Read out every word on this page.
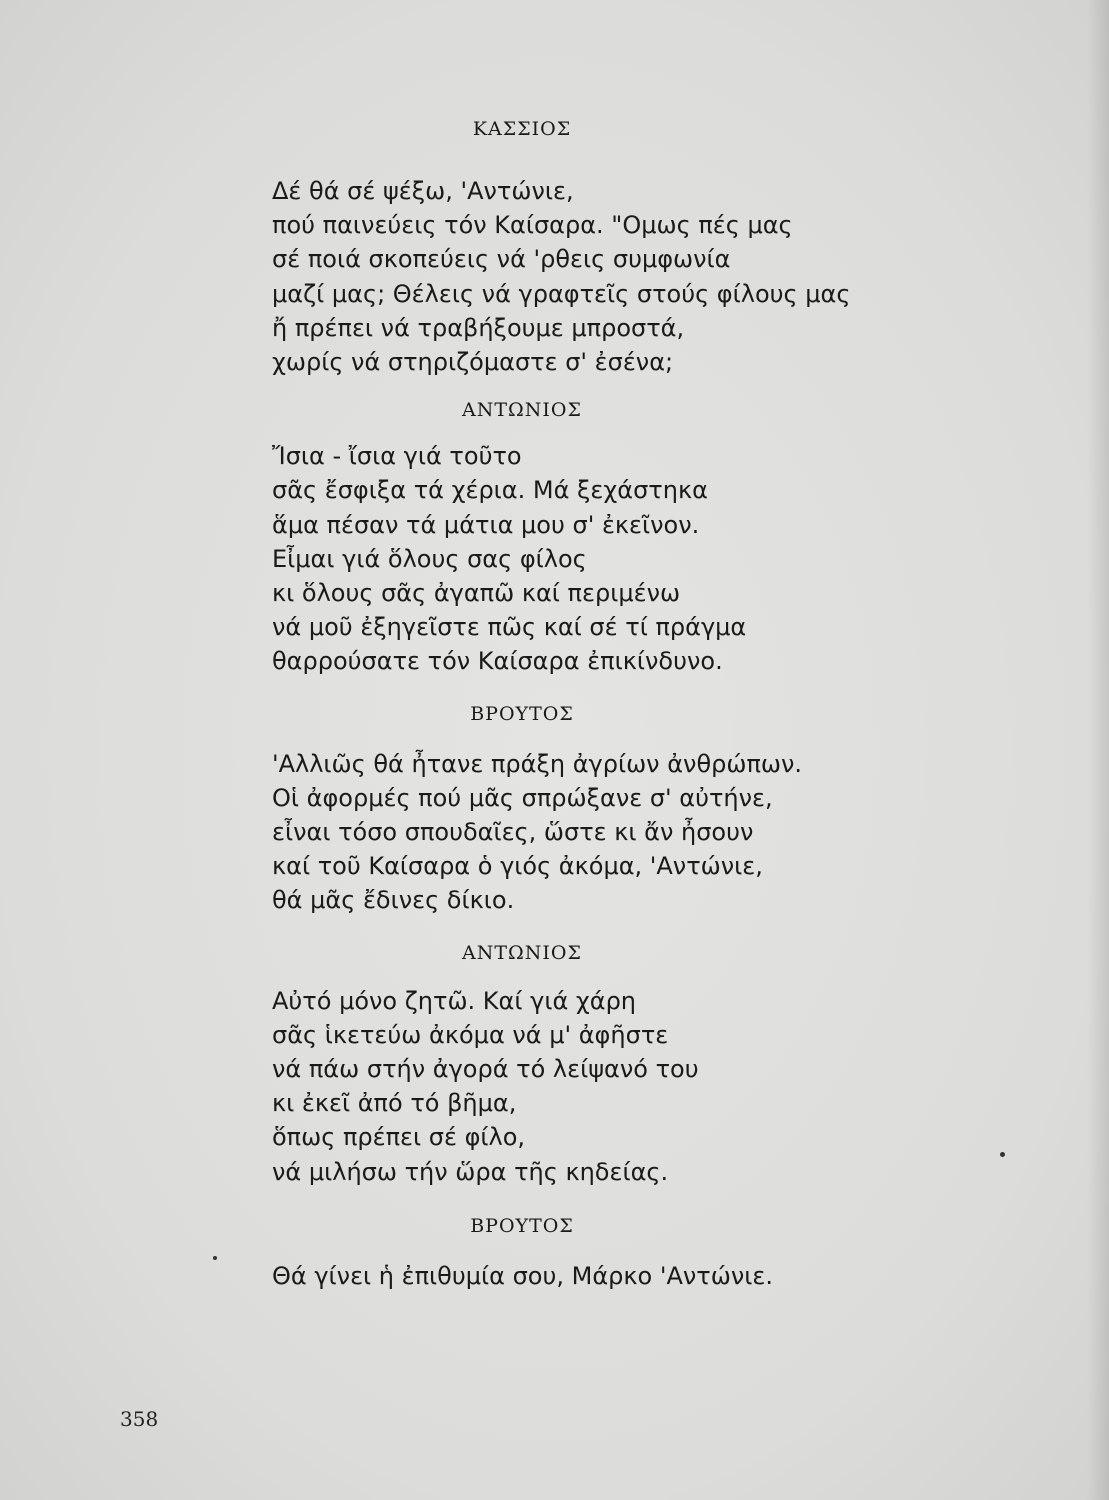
ΚΑΣΣΙΟΣ
Δέ θά σέ ψέξω, 'Αντώνιε,
πού παινεύεις τόν Καίσαρα. "Ομως πές μας
σέ ποιά σκοπεύεις νά 'ρθεις συμφωνία
μαζί μας; Θέλεις νά γραφτεῖς στούς φίλους μας
ἤ πρέπει νά τραβήξουμε μπροστά,
χωρίς νά στηριζόμαστε σ' ἐσένα;
ΑΝΤΩΝΙΟΣ
Ἴσια - ἴσια γιά τοῦτο
σᾶς ἔσφιξα τά χέρια. Μά ξεχάστηκα
ἅμα πέσαν τά μάτια μου σ' ἐκεῖνον.
Εἶμαι γιά ὅλους σας φίλος
κι ὅλους σᾶς ἀγαπῶ καί περιμένω
νά μοῦ ἐξηγεῖστε πῶς καί σέ τί πράγμα
θαρρούσατε τόν Καίσαρα ἐπικίνδυνο.
ΒΡΟΥΤΟΣ
'Αλλιῶς θά ἦτανε πράξη ἀγρίων ἀνθρώπων.
Οἱ ἀφορμές πού μᾶς σπρώξανε σ' αὐτήνε,
εἶναι τόσο σπουδαῖες, ὥστε κι ἄν ἦσουν
καί τοῦ Καίσαρα ὁ γιός ἀκόμα, 'Αντώνιε,
θά μᾶς ἔδινες δίκιο.
ΑΝΤΩΝΙΟΣ
Αὐτό μόνο ζητῶ. Καί γιά χάρη
σᾶς ἱκετεύω ἀκόμα νά μ' ἀφῆστε
νά πάω στήν ἀγορά τό λείψανό του
κι ἐκεῖ ἀπό τό βῆμα,
ὅπως πρέπει σέ φίλο,
νά μιλήσω τήν ὥρα τῆς κηδείας.
ΒΡΟΥΤΟΣ
Θά γίνει ἡ ἐπιθυμία σου, Μάρκο 'Αντώνιε.
358
